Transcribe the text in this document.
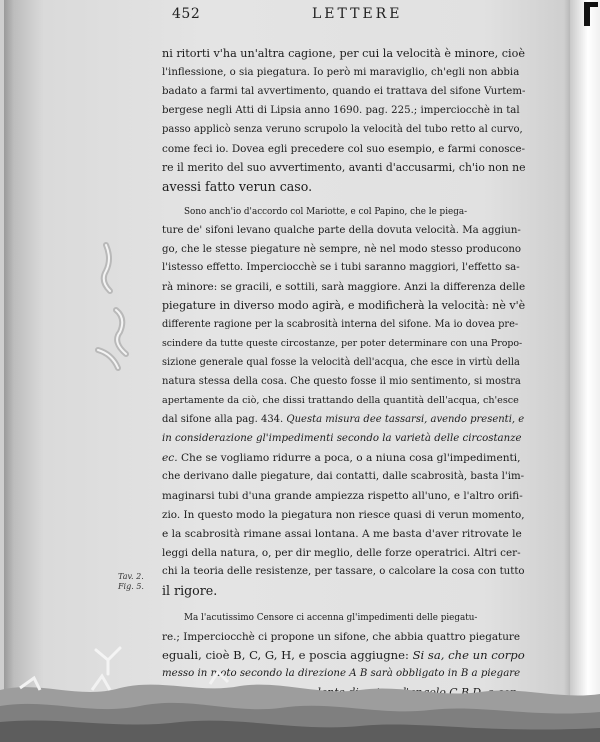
452	LETTERE
ni ritorti v'ha un'altra cagione, per cui la velocità è minore, cioè
l'inflessione, o sia piegatura. Io però mi maraviglio, ch'egli non abbia
badato a farmi tal avvertimento, quando ei trattava del sifone Vurtem-
bergese negli Atti di Lipsia anno 1690. pag. 225.; imperciocchè in tal
passo applicò senza veruno scrupolo la velocità del tubo retto al curvo,
come feci io. Dovea egli precedere col suo esempio, e farmi conosce-
re il merito del suo avvertimento, avanti d'accusarmi, ch'io non ne
avessi fatto verun caso.
Sono anch'io d'accordo col Mariotte, e col Papino, che le piega-
ture de' sifoni levano qualche parte della dovuta velocità. Ma aggiun-
go, che le stesse piegature nè sempre, nè nel modo stesso producono
l'istesso effetto. Imperciocchè se i tubi saranno maggiori, l'effetto sa-
rà minore: se gracili, e sottili, sarà maggiore. Anzi la differenza delle
piegature in diverso modo agirà, e modificherà la velocità: nè v'è
differente ragione per la scabrosità interna del sifone. Ma io dovea pre-
scindere da tutte queste circostanze, per poter determinare con una Propo-
sizione generale qual fosse la velocità dell'acqua, che esce in virtù della
natura stessa della cosa. Che questo fosse il mio sentimento, si mostra
apertamente da ciò, che dissi trattando della quantità dell'acqua, ch'esce
dal sifone alla pag. 434. Questa misura dee tassarsi, avendo presenti, e
in considerazione gl'impedimenti secondo la varietà delle circostanze
ec. Che se vogliamo ridurre a poca, o a niuna cosa gl'impedimenti,
che derivano dalle piegature, dai contatti, dalle scabrosità, basta l'im-
maginarsi tubi d'una grande ampiezza rispetto all'uno, e l'altro orifi-
zio. In questo modo la piegatura non riesce quasi di verun momento,
e la scabrosità rimane assai lontana. A me basta d'aver ritrovate le
leggi della natura, o, per dir meglio, delle forze operatrici. Altri cer-
chi la teoria delle resistenze, per tassare, o calcolare la cosa con tutto
il rigore.
Ma l'acutissimo Censore ci accenna gl'impedimenti delle piegatu-
re.; Imperciocchè ci propone un sifone, che abbia quattro piegature
eguali, cioè B, C, G, H, e poscia aggiugne: Si sa, che un corpo
messo in moto secondo la direzione A B sarà obbligato in B a piegare
Tav. 2.
Fig. 5.
